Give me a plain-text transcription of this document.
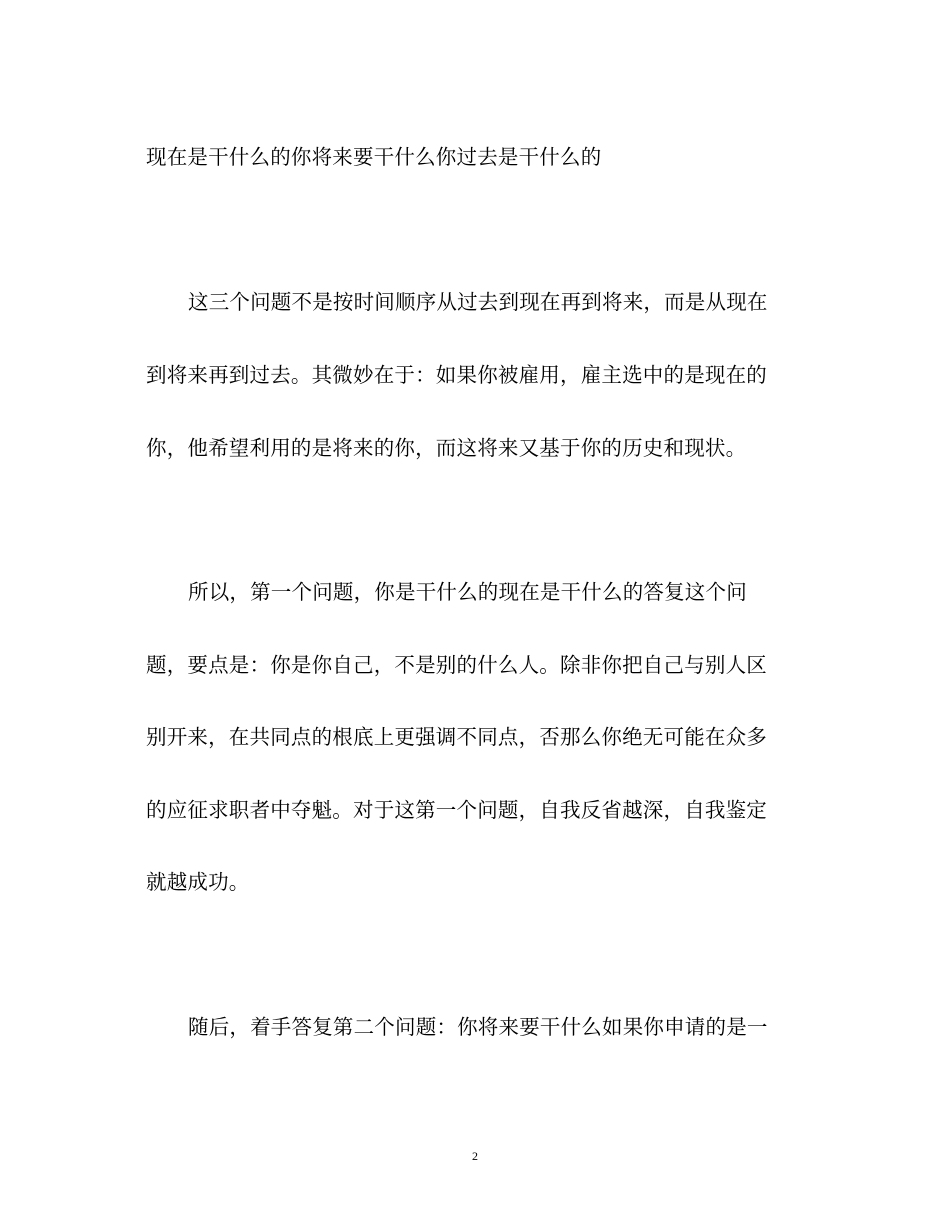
现在是干什么的你将来要干什么你过去是干什么的
这三个问题不是按时间顺序从过去到现在再到将来，而是从现在
到将来再到过去。其微妙在于：如果你被雇用，雇主选中的是现在的
你，他希望利用的是将来的你，而这将来又基于你的历史和现状。
所以，第一个问题，你是干什么的现在是干什么的答复这个问
题，要点是：你是你自己，不是别的什么人。除非你把自己与别人区
别开来，在共同点的根底上更强调不同点，否那么你绝无可能在众多
的应征求职者中夺魁。对于这第一个问题，自我反省越深，自我鉴定
就越成功。
随后，着手答复第二个问题：你将来要干什么如果你申请的是一
2
